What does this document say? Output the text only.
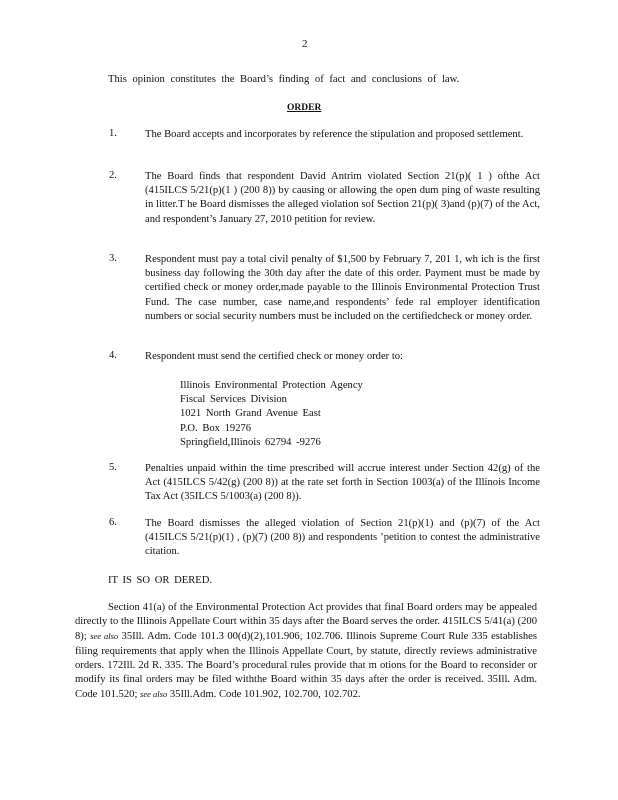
2
This opinion constitutes the Board’s finding of fact and conclusions of law.
ORDER
1.	The Board accepts and incorporates by reference the stipulation and proposed settlement.
2.	The Board finds that respondent David Antrim violated Section 21(p)( 1 ) ofthe Act (415ILCS 5/21(p)(1 ) (200 8)) by causing or allowing the open dum ping of waste resulting in litter.T he Board dismisses the alleged violation sof Section 21(p)( 3)and (p)(7) of the Act, and respondent’s January 27, 2010 petition for review.
3.	Respondent must pay a total civil penalty of $1,500 by February 7, 201 1, wh ich is the first business day following the 30th day after the date of this order. Payment must be made by certified check or money order,made payable to the Illinois Environmental Protection Trust Fund. The case number, case name,and respondents’ fede ral employer identification numbers or social security numbers must be included on the certifiedcheck or money order.
4.	Respondent must send the certified check or money order to:
Illinois Environmental Protection Agency
Fiscal Services Division
1021 North Grand Avenue East
P.O. Box 19276
Springfield,Illinois 62794 -9276
5.	Penalties unpaid within the time prescribed will accrue interest under Section 42(g) of the Act (415ILCS 5/42(g) (200 8)) at the rate set forth in Section 1003(a) of the Illinois Income Tax Act (35ILCS 5/1003(a) (200 8)).
6.	The Board dismisses the alleged violation of Section 21(p)(1) and (p)(7) of the Act (415ILCS 5/21(p)(1) , (p)(7) (200 8)) and respondents ’petition to contest the administrative citation.
IT IS SO OR DERED.
Section 41(a) of the Environmental Protection Act provides that final Board orders may be appealed directly to the Illinois Appellate Court within 35 days after the Board serves the order. 415ILCS 5/41(a) (200 8); see also 35Ill. Adm. Code 101.3 00(d)(2),101.906, 102.706. Illinois Supreme Court Rule 335 establishes filing requirements that apply when the Illinois Appellate Court, by statute, directly reviews administrative orders. 172Ill. 2d R. 335. The Board’s procedural rules provide that m otions for the Board to reconsider or modify its final orders may be filed withthe Board within 35 days after the order is received. 35Ill. Adm. Code 101.520; see also 35Ill.Adm. Code 101.902, 102.700, 102.702.
